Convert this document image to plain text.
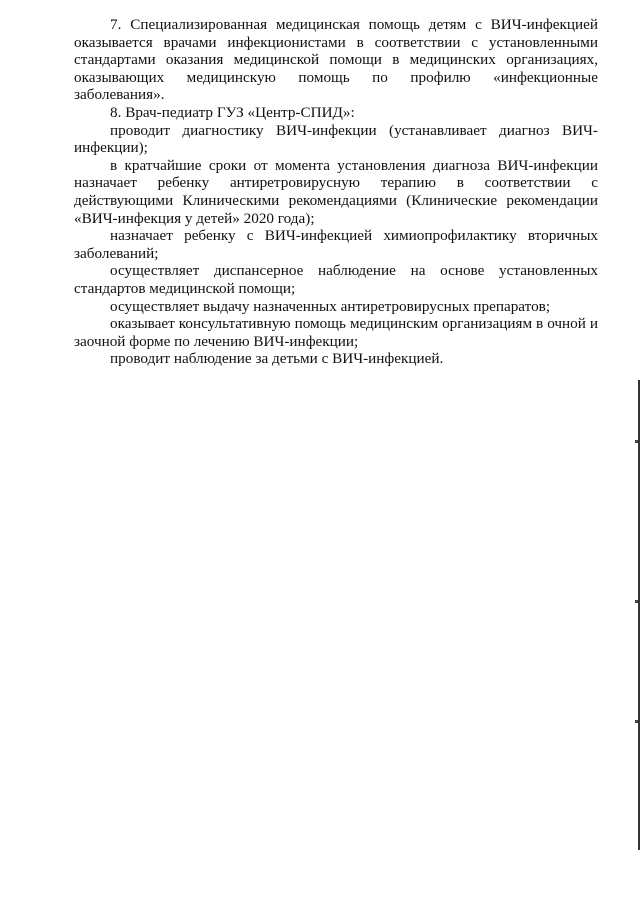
7. Специализированная медицинская помощь детям с ВИЧ-инфекцией оказывается врачами инфекционистами в соответствии с установленными стандартами оказания медицинской помощи в медицинских организациях, оказывающих медицинскую помощь по профилю «инфекционные заболевания».

8. Врач-педиатр ГУЗ «Центр-СПИД»:

проводит диагностику ВИЧ-инфекции (устанавливает диагноз ВИЧ-инфекции);

в кратчайшие сроки от момента установления диагноза ВИЧ-инфекции назначает ребенку антиретровирусную терапию в соответствии с действующими Клиническими рекомендациями (Клинические рекомендации «ВИЧ-инфекция у детей» 2020 года);

назначает ребенку с ВИЧ-инфекцией химиопрофилактику вторичных заболеваний;

осуществляет диспансерное наблюдение на основе установленных стандартов медицинской помощи;

осуществляет выдачу назначенных антиретровирусных препаратов;

оказывает консультативную помощь медицинским организациям в очной и заочной форме по лечению ВИЧ-инфекции;

проводит наблюдение за детьми с ВИЧ-инфекцией.
